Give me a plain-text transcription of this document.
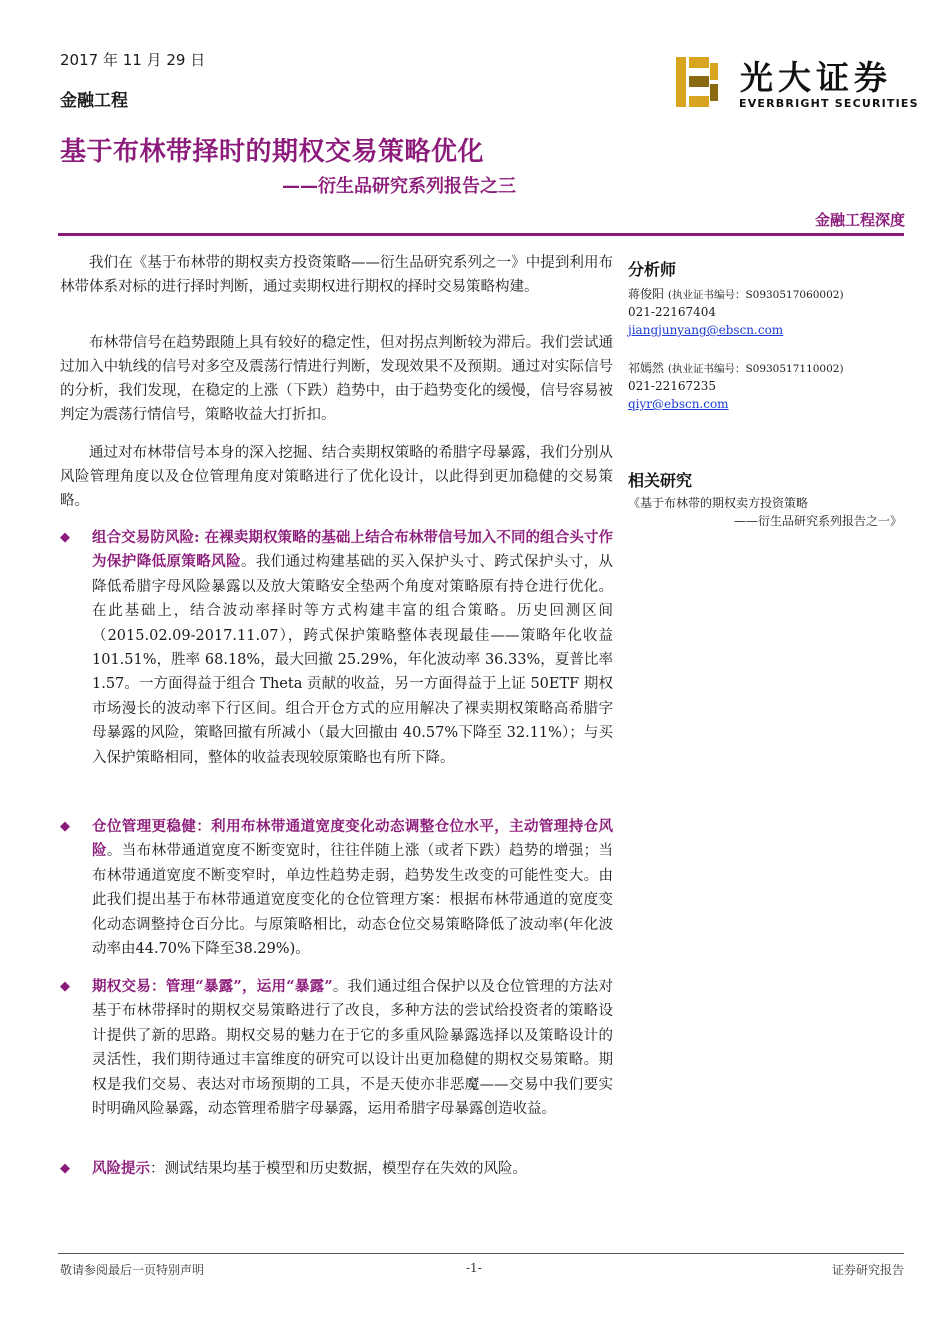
2017 年 11 月 29 日
金融工程
基于布林带择时的期权交易策略优化
——衍生品研究系列报告之三
光大证券
EVERBRIGHT SECURITIES
金融工程深度

我们在《基于布林带的期权卖方投资策略——衍生品研究系列之一》中提到利用布林带体系对标的进行择时判断，通过卖期权进行期权的择时交易策略构建。

布林带信号在趋势跟随上具有较好的稳定性，但对拐点判断较为滞后。我们尝试通过加入中轨线的信号对多空及震荡行情进行判断，发现效果不及预期。通过对实际信号的分析，我们发现，在稳定的上涨（下跌）趋势中，由于趋势变化的缓慢，信号容易被判定为震荡行情信号，策略收益大打折扣。

通过对布林带信号本身的深入挖掘、结合卖期权策略的希腊字母暴露，我们分别从风险管理角度以及仓位管理角度对策略进行了优化设计，以此得到更加稳健的交易策略。

◆ 组合交易防风险: 在裸卖期权策略的基础上结合布林带信号加入不同的组合头寸作为保护降低原策略风险。我们通过构建基础的买入保护头寸、跨式保护头寸，从降低希腊字母风险暴露以及放大策略安全垫两个角度对策略原有持仓进行优化。在此基础上，结合波动率择时等方式构建丰富的组合策略。历史回测区间（2015.02.09-2017.11.07），跨式保护策略整体表现最佳——策略年化收益 101.51%，胜率 68.18%，最大回撤 25.29%，年化波动率 36.33%，夏普比率 1.57。一方面得益于组合 Theta 贡献的收益，另一方面得益于上证 50ETF 期权市场漫长的波动率下行区间。组合开仓方式的应用解决了裸卖期权策略高希腊字母暴露的风险，策略回撤有所减小（最大回撤由 40.57%下降至 32.11%）；与买入保护策略相同，整体的收益表现较原策略也有所下降。
◆ 仓位管理更稳健：利用布林带通道宽度变化动态调整仓位水平，主动管理持仓风险。当布林带通道宽度不断变宽时，往往伴随上涨（或者下跌）趋势的增强；当布林带通道宽度不断变窄时，单边性趋势走弱，趋势发生改变的可能性变大。由此我们提出基于布林带通道宽度变化的仓位管理方案：根据布林带通道的宽度变化动态调整持仓百分比。与原策略相比，动态仓位交易策略降低了波动率(年化波动率由44.70%下降至38.29%)。
◆ 期权交易：管理“暴露”，运用“暴露”。我们通过组合保护以及仓位管理的方法对基于布林带择时的期权交易策略进行了改良，多种方法的尝试给投资者的策略设计提供了新的思路。期权交易的魅力在于它的多重风险暴露选择以及策略设计的灵活性，我们期待通过丰富维度的研究可以设计出更加稳健的期权交易策略。期权是我们交易、表达对市场预期的工具，不是天使亦非恶魔——交易中我们要实时明确风险暴露，动态管理希腊字母暴露，运用希腊字母暴露创造收益。
◆ 风险提示：测试结果均基于模型和历史数据，模型存在失效的风险。
分析师
蒋俊阳 (执业证书编号：S0930517060002)
021-22167404
jiangjunyang@ebscn.com
祁嫣然 (执业证书编号：S0930517110002)
021-22167235
qiyr@ebscn.com
相关研究
《基于布林带的期权卖方投资策略
——衍生品研究系列报告之一》
敬请参阅最后一页特别声明	-1-	证券研究报告
